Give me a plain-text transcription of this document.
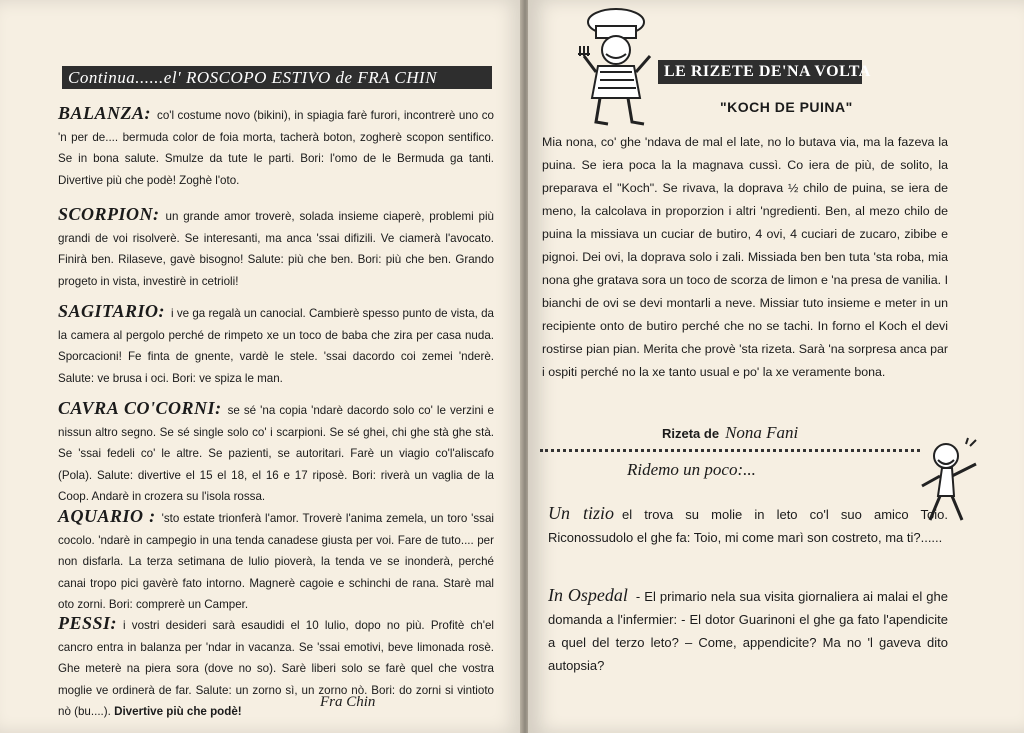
Continua......el' ROSCOPO ESTIVO de FRA CHIN
BALANZA: co'l costume novo (bikini), in spiagia farè furori, incontrerè uno co 'n per de.... bermuda color de foia morta, tacherà boton, zogherè scopon sentifico. Se in bona salute. Smulze da tute le parti. Bori: l'omo de le Bermuda ga tanti. Divertive più che podè! Zoghè l'oto.
SCORPION: un grande amor troverè, solada insieme ciaperè, problemi più grandi de voi risolverè. Se interesanti, ma anca 'ssai difizili. Ve ciamerà l'avocato. Finirà ben. Rilaseve, gavè bisogno! Salute: più che ben. Bori: più che ben. Grando progeto in vista, investirè in cetrioli!
SAGITARIO: i ve ga regalà un canocial. Cambierè spesso punto de vista, da la camera al pergolo perché de rimpeto xe un toco de baba che zira per casa nuda. Sporcacioni! Fe finta de gnente, vardè le stele. 'ssai dacordo coi zemei 'nderè. Salute: ve brusa i oci. Bori: ve spiza le man.
CAVRA CO'CORNI: se sé 'na copia 'ndarè dacordo solo co' le verzini e nissun altro segno. Se sé single solo co' i scarpioni. Se sé ghei, chi ghe stà ghe stà. Se 'ssai fedeli co' le altre. Se pazienti, se autoritari. Farè un viagio co'l'aliscafo (Pola). Salute: divertive el 15 el 18, el 16 e 17 riposè. Bori: riverà un vaglia de la Coop. Andarè in crozera su l'isola rossa.
AQUARIO : 'sto estate trionferà l'amor. Troverè l'anima zemela, un toro 'ssai cocolo. 'ndarè in campegio in una tenda canadese giusta per voi. Fare de tuto.... per non disfarla. La terza setimana de lulio pioverà, la tenda ve se inonderà, perché canai tropo pici gavèrè fato intorno. Magnerè cagoie e schinchi de rana. Starè mal oto zorni. Bori: comprerè un Camper.
PESSI: i vostri desideri sarà esaudidi el 10 lulio, dopo no più. Profitè ch'el cancro entra in balanza per 'ndar in vacanza. Se 'ssai emotivi, beve limonada rosè. Ghe meterè na piera sora (dove no so). Sarè liberi solo se farè quel che vostra moglie ve ordinerà de far. Salute: un zorno sì, un zorno nò. Bori: do zorni si vintioto nò (bu....). Divertive più che podè!
Fra Chin
LE RIZETE DE'NA VOLTA
"KOCH DE PUINA"
Mia nona, co' ghe 'ndava de mal el late, no lo butava via, ma la fazeva la puina. Se iera poca la la magnava cussì. Co iera de più, de solito, la preparava el "Koch". Se rivava, la doprava ½ chilo de puina, se iera de meno, la calcolava in proporzion i altri 'ngredienti. Ben, al mezo chilo de puina la missiava un cuciar de butiro, 4 ovi, 4 cuciari de zucaro, zibibe e pignoi. Dei ovi, la doprava solo i zali. Missiada ben ben tuta 'sta roba, mia nona ghe gratava sora un toco de scorza de limon e 'na presa de vanilia. I bianchi de ovi se devi montarli a neve. Missiar tuto insieme e meter in un recipiente onto de butiro perché che no se tachi. In forno el Koch el devi rostirse pian pian. Merita che provè 'sta rizeta. Sarà 'na sorpresa anca par i ospiti perché no la xe tanto usual e po' la xe veramente bona.
Rizeta de Nona Fani
Ridemo un poco:...
Un tizio el trova su molie in leto co'l suo amico Toio. Riconossudolo el ghe fa: Toio, mi come marì son costreto, ma ti?......
In Ospedal - El primario nela sua visita giornaliera ai malai el ghe domanda a l'infermier: - El dotor Guarinoni el ghe ga fato l'apendicite a quel del terzo leto? – Come, appendicite? Ma no 'l gaveva dito autopsia?
